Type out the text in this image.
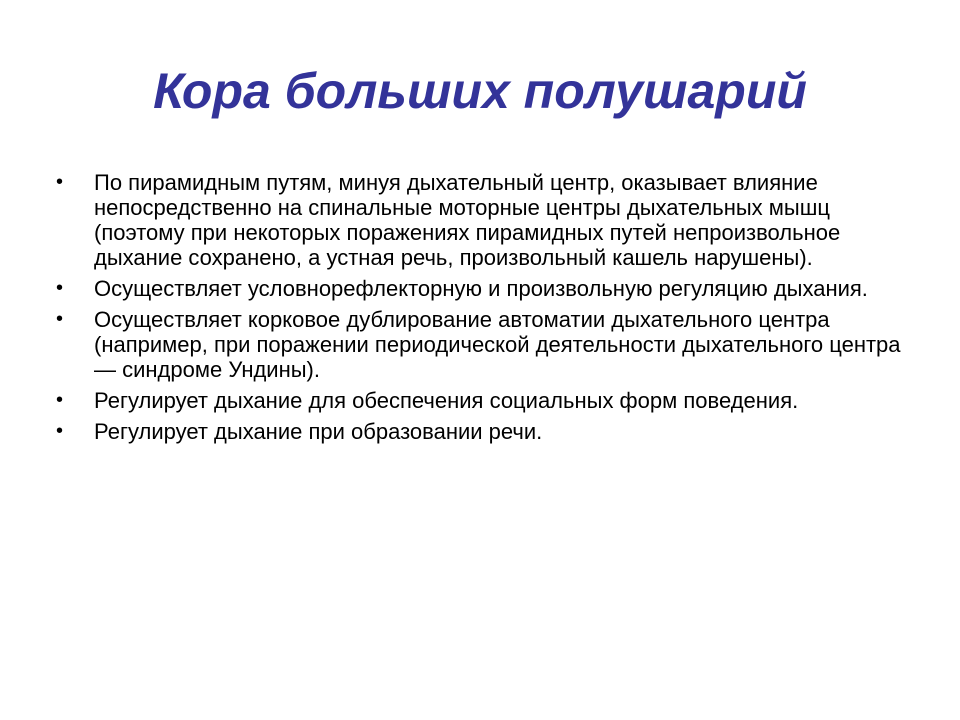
Кора больших полушарий
• По пирамидным путям, минуя дыхательный центр, оказывает влияние непосредственно на спинальные моторные центры дыхательных мышц (поэтому при некоторых поражениях пирамидных путей непроизвольное дыхание сохранено, а устная речь, произвольный кашель нарушены).
• Осуществляет условнорефлекторную и произвольную регуляцию дыхания.
• Осуществляет корковое дублирование автоматии дыхательного центра (например, при поражении периодической деятельности дыхательного центра — синдроме Ундины).
• Регулирует дыхание для обеспечения социальных форм поведения.
• Регулирует дыхание при образовании речи.
